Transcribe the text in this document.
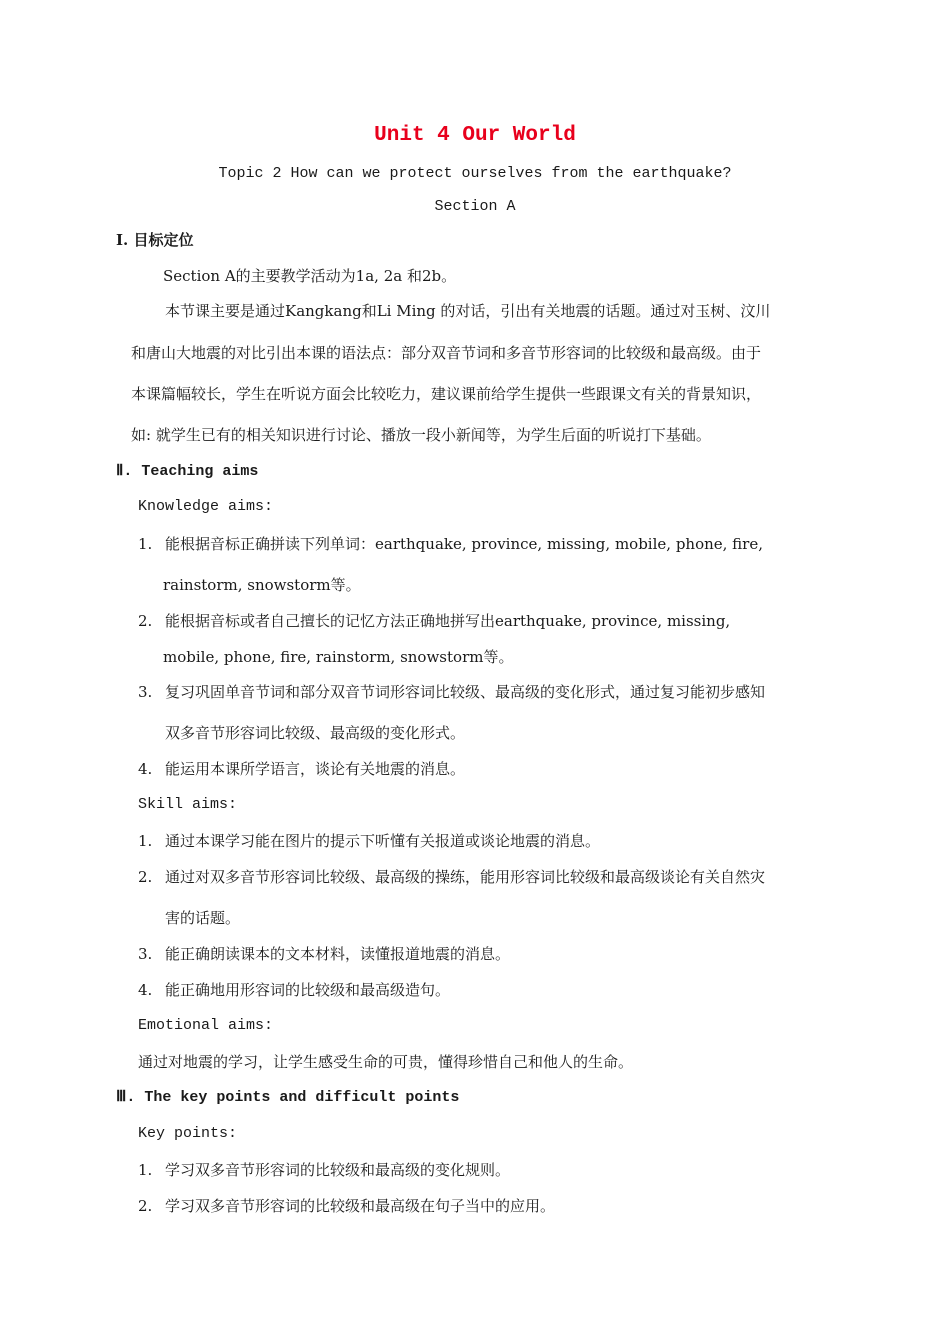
Unit 4 Our World
Topic 2 How can we protect ourselves from the earthquake?
Section A
Ⅰ. 目标定位
Section A的主要教学活动为1a, 2a 和2b。
本节课主要是通过Kangkang和Li Ming 的对话，引出有关地震的话题。通过对玉树、汶川
和唐山大地震的对比引出本课的语法点：部分双音节词和多音节形容词的比较级和最高级。由于
本课篇幅较长，学生在听说方面会比较吃力，建议课前给学生提供一些跟课文有关的背景知识，
如: 就学生已有的相关知识进行讨论、播放一段小新闻等，为学生后面的听说打下基础。
Ⅱ. Teaching aims
Knowledge aims:
1. 能根据音标正确拼读下列单词：earthquake, province, missing, mobile, phone, fire,
rainstorm, snowstorm等。
2. 能根据音标或者自己擅长的记忆方法正确地拼写出earthquake, province, missing,
mobile, phone, fire, rainstorm, snowstorm等。
3. 复习巩固单音节词和部分双音节词形容词比较级、最高级的变化形式，通过复习能初步感知
双多音节形容词比较级、最高级的变化形式。
4. 能运用本课所学语言，谈论有关地震的消息。
Skill aims:
1. 通过本课学习能在图片的提示下听懂有关报道或谈论地震的消息。
2. 通过对双多音节形容词比较级、最高级的操练，能用形容词比较级和最高级谈论有关自然灾
害的话题。
3. 能正确朗读课本的文本材料，读懂报道地震的消息。
4. 能正确地用形容词的比较级和最高级造句。
Emotional aims:
通过对地震的学习，让学生感受生命的可贵，懂得珍惜自己和他人的生命。
Ⅲ. The key points and difficult points
Key points:
1. 学习双多音节形容词的比较级和最高级的变化规则。
2. 学习双多音节形容词的比较级和最高级在句子当中的应用。
